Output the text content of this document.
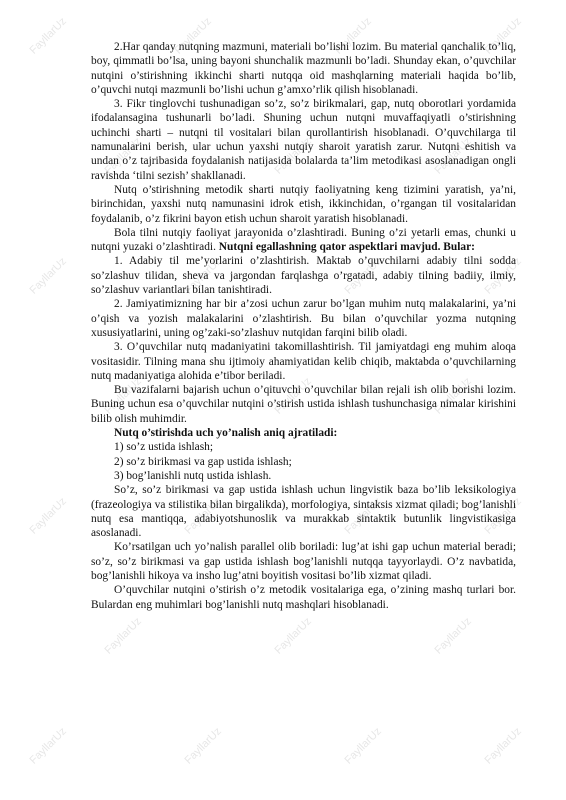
FayllarUz	FayllarUz	FayllarUz	FayllarUz
FayllarUz	FayllarUz	FayllarUz
FayllarUz	FayllarUz	FayllarUz	FayllarUz
FayllarUz	FayllarUz	FayllarUz
FayllarUz	FayllarUz	FayllarUz	FayllarUz
FayllarUz	FayllarUz	FayllarUz
FayllarUz	FayllarUz	FayllarUz	FayllarUz

2.Har qanday nutqning mazmuni, materiali bo’lishi lozim. Bu material qanchalik to’liq, boy, qimmatli bo’lsa, uning bayoni shunchalik mazmunli bo’ladi. Shunday ekan, o’quvchilar nutqini o’stirishning ikkinchi sharti nutqqa oid mashqlarning materiali haqida bo’lib, o’quvchi nutqi mazmunli bo’lishi uchun g’amxo’rlik qilish hisoblanadi.

3. Fikr tinglovchi tushunadigan so’z, so’z birikmalari, gap, nutq oborotlari yordamida ifodalansagina tushunarli bo’ladi. Shuning uchun nutqni muvaffaqiyatli o’stirishning uchinchi sharti – nutqni til vositalari bilan qurollantirish hisoblanadi. O’quvchilarga til namunalarini berish, ular uchun yaxshi nutqiy sharoit yaratish zarur. Nutqni eshitish va undan o’z tajribasida foydalanish natijasida bolalarda ta’lim metodikasi asoslanadigan ongli ravishda ‘tilni sezish’ shakllanadi.

Nutq o’stirishning metodik sharti nutqiy faoliyatning keng tizimini yaratish, ya’ni, birinchidan, yaxshi nutq namunasini idrok etish, ikkinchidan, o’rgangan til vositalaridan foydalanib, o’z fikrini bayon etish uchun sharoit yaratish hisoblanadi.

Bola tilni nutqiy faoliyat jarayonida o’zlashtiradi. Buning o’zi yetarli emas, chunki u nutqni yuzaki o’zlashtiradi. Nutqni egallashning qator aspektlari mavjud. Bular:

1. Adabiy til me’yorlarini o’zlashtirish. Maktab o’quvchilarni adabiy tilni sodda so’zlashuv tilidan, sheva va jargondan farqlashga o’rgatadi, adabiy tilning badiiy, ilmiy, so’zlashuv variantlari bilan tanishtiradi.

2. Jamiyatimizning har bir a’zosi uchun zarur bo’lgan muhim nutq malakalarini, ya’ni o’qish va yozish malakalarini o’zlashtirish. Bu bilan o’quvchilar yozma nutqning xususiyatlarini, uning og’zaki-so’zlashuv nutqidan farqini bilib oladi.

3. O’quvchilar nutq madaniyatini takomillashtirish. Til jamiyatdagi eng muhim aloqa vositasidir. Tilning mana shu ijtimoiy ahamiyatidan kelib chiqib, maktabda o’quvchilarning nutq madaniyatiga alohida e’tibor beriladi.

Bu vazifalarni bajarish uchun o’qituvchi o’quvchilar bilan rejali ish olib borishi lozim. Buning uchun esa o’quvchilar nutqini o’stirish ustida ishlash tushunchasiga nimalar kirishini bilib olish muhimdir.

Nutq o’stirishda uch yo’nalish aniq ajratiladi:

1) so’z ustida ishlash;

2) so’z birikmasi va gap ustida ishlash;

3) bog’lanishli nutq ustida ishlash.

So’z, so’z birikmasi va gap ustida ishlash uchun lingvistik baza bo’lib leksikologiya (frazeologiya va stilistika bilan birgalikda), morfologiya, sintaksis xizmat qiladi; bog’lanishli nutq esa mantiqqa, adabiyotshunoslik va murakkab sintaktik butunlik lingvistikasiga asoslanadi.

Ko’rsatilgan uch yo’nalish parallel olib boriladi: lug’at ishi gap uchun material beradi; so’z, so’z birikmasi va gap ustida ishlash bog’lanishli nutqqa tayyorlaydi. O’z navbatida, bog’lanishli hikoya va insho lug’atni boyitish vositasi bo’lib xizmat qiladi.

O’quvchilar nutqini o’stirish o’z metodik vositalariga ega, o’zining mashq turlari bor. Bulardan eng muhimlari bog’lanishli nutq mashqlari hisoblanadi.
